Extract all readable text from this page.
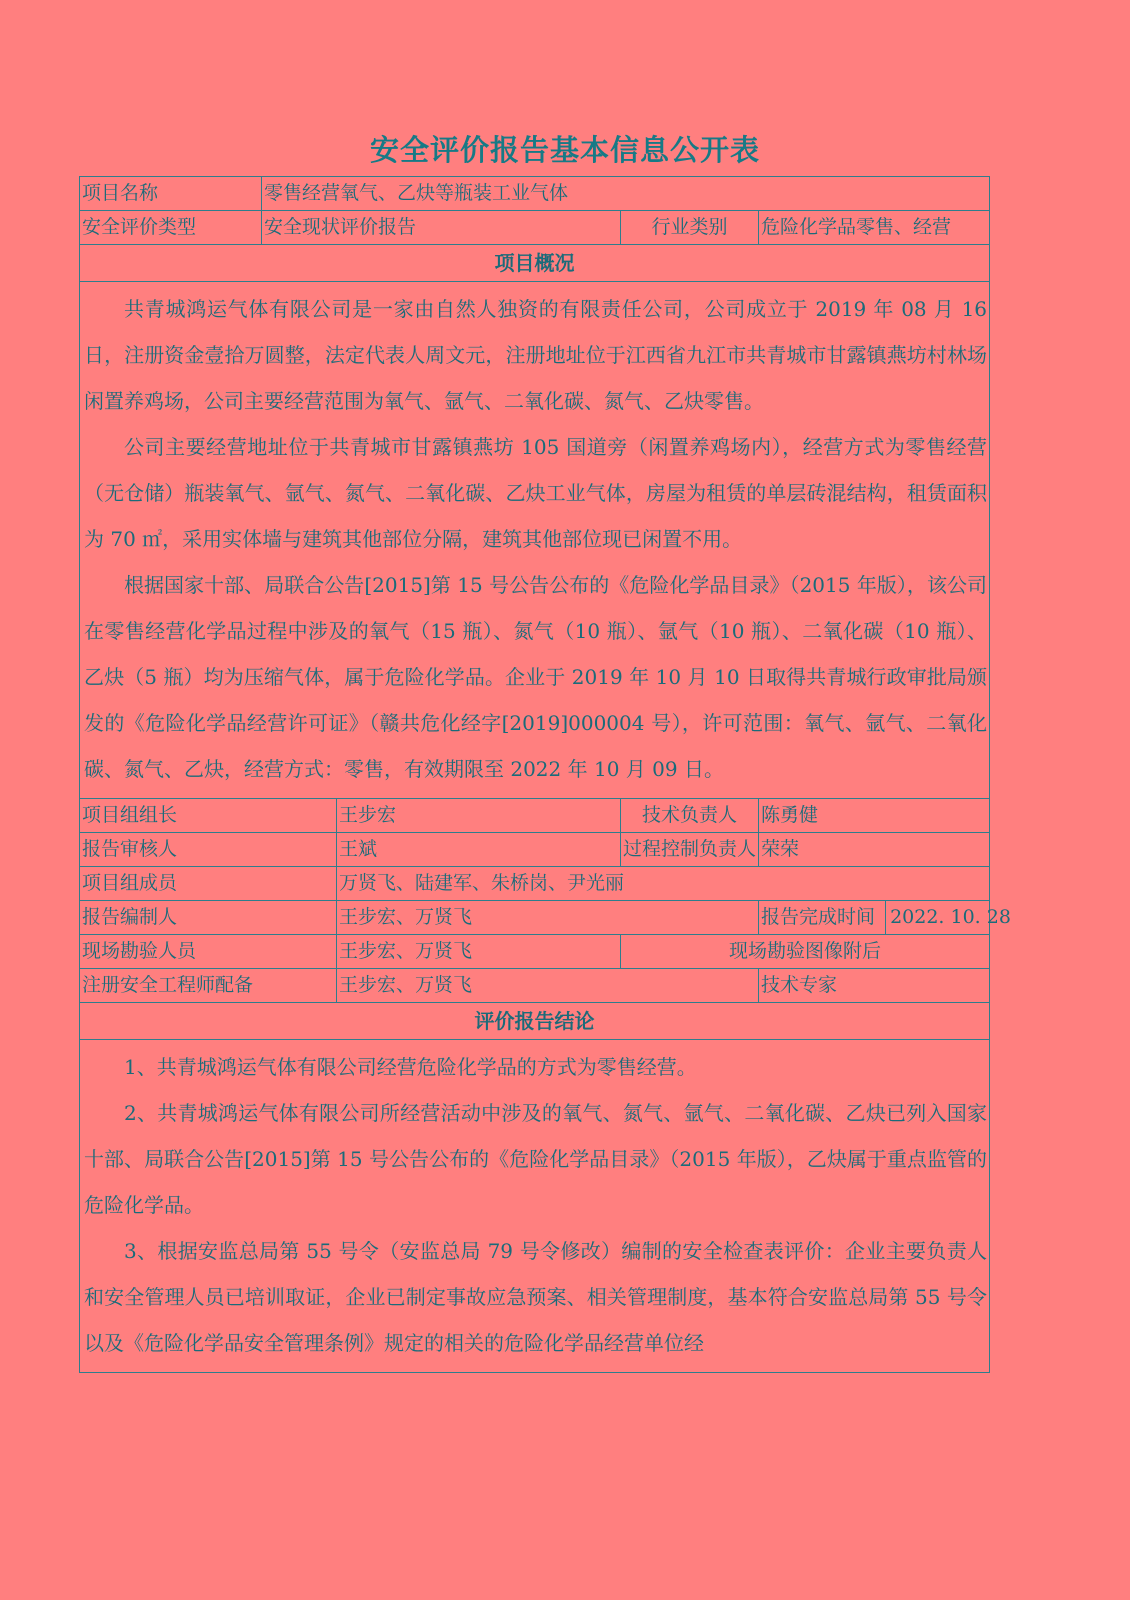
安全评价报告基本信息公开表
项目名称	零售经营氧气、乙炔等瓶装工业气体			
安全评价类型	安全现状评价报告		行业类别	危险化学品零售、经营
项目概况				

共青城鸿运气体有限公司是一家由自然人独资的有限责任公司，公司成立于 2019 年 08 月 16 日，注册资金壹拾万圆整，法定代表人周文元，注册地址位于江西省九江市共青城市甘露镇燕坊村林场闲置养鸡场，公司主要经营范围为氧气、氩气、二氧化碳、氮气、乙炔零售。

公司主要经营地址位于共青城市甘露镇燕坊 105 国道旁（闲置养鸡场内），经营方式为零售经营（无仓储）瓶装氧气、氩气、氮气、二氧化碳、乙炔工业气体，房屋为租赁的单层砖混结构，租赁面积为 70 ㎡，采用实体墙与建筑其他部位分隔，建筑其他部位现已闲置不用。

根据国家十部、局联合公告[2015]第 15 号公告公布的《危险化学品目录》（2015 年版），该公司在零售经营化学品过程中涉及的氧气（15 瓶）、氮气（10 瓶）、氩气（10 瓶）、二氧化碳（10 瓶）、乙炔（5 瓶）均为压缩气体，属于危险化学品。企业于 2019 年 10 月 10 日取得共青城行政审批局颁发的《危险化学品经营许可证》（赣共危化经字[2019]000004 号），许可范围：氧气、氩气、二氧化碳、氮气、乙炔，经营方式：零售，有效期限至 2022 年 10 月 09 日。				

项目组组长		王步宏	技术负责人	陈勇健
报告审核人		王斌	过程控制负责人	荣荣
项目组成员		万贤飞、陆建军、朱桥岗、尹光丽		
报告编制人		王步宏、万贤飞		报告完成时间 2022. 10. 28
现场勘验人员		王步宏、万贤飞	现场勘验图像附后	
注册安全工程师配备		王步宏、万贤飞		技术专家
评价报告结论				

1、共青城鸿运气体有限公司经营危险化学品的方式为零售经营。

2、共青城鸿运气体有限公司所经营活动中涉及的氧气、氮气、氩气、二氧化碳、乙炔已列入国家十部、局联合公告[2015]第 15 号公告公布的《危险化学品目录》（2015 年版），乙炔属于重点监管的危险化学品。

3、根据安监总局第 55 号令（安监总局 79 号令修改）编制的安全检查表评价：企业主要负责人和安全管理人员已培训取证，企业已制定事故应急预案、相关管理制度，基本符合安监总局第 55 号令以及《危险化学品安全管理条例》规定的相关的危险化学品经营单位经				
